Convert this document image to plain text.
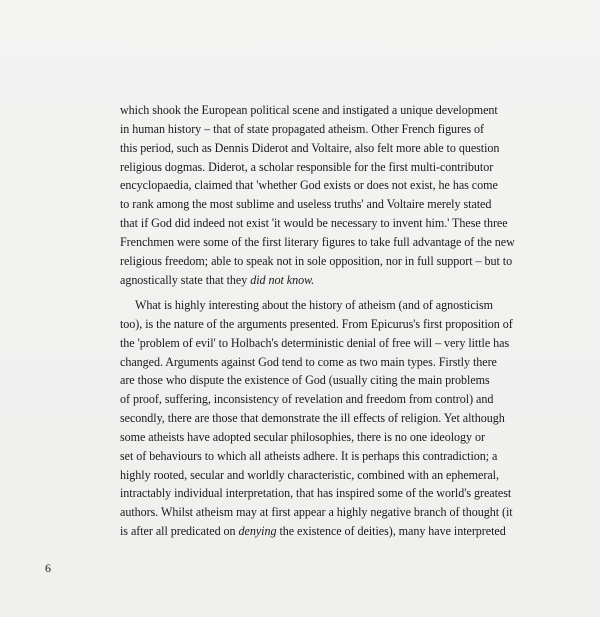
which shook the European political scene and instigated a unique development
in human history – that of state propagated atheism. Other French figures of
this period, such as Dennis Diderot and Voltaire, also felt more able to question
religious dogmas. Diderot, a scholar responsible for the first multi-contributor
encyclopaedia, claimed that 'whether God exists or does not exist, he has come
to rank among the most sublime and useless truths' and Voltaire merely stated
that if God did indeed not exist 'it would be necessary to invent him.' These three
Frenchmen were some of the first literary figures to take full advantage of the new
religious freedom; able to speak not in sole opposition, nor in full support – but to
agnostically state that they did not know.
What is highly interesting about the history of atheism (and of agnosticism
too), is the nature of the arguments presented. From Epicurus's first proposition of
the 'problem of evil' to Holbach's deterministic denial of free will – very little has
changed. Arguments against God tend to come as two main types. Firstly there
are those who dispute the existence of God (usually citing the main problems
of proof, suffering, inconsistency of revelation and freedom from control) and
secondly, there are those that demonstrate the ill effects of religion. Yet although
some atheists have adopted secular philosophies, there is no one ideology or
set of behaviours to which all atheists adhere. It is perhaps this contradiction; a
highly rooted, secular and worldly characteristic, combined with an ephemeral,
intractably individual interpretation, that has inspired some of the world's greatest
authors. Whilst atheism may at first appear a highly negative branch of thought (it
is after all predicated on denying the existence of deities), many have interpreted
6
